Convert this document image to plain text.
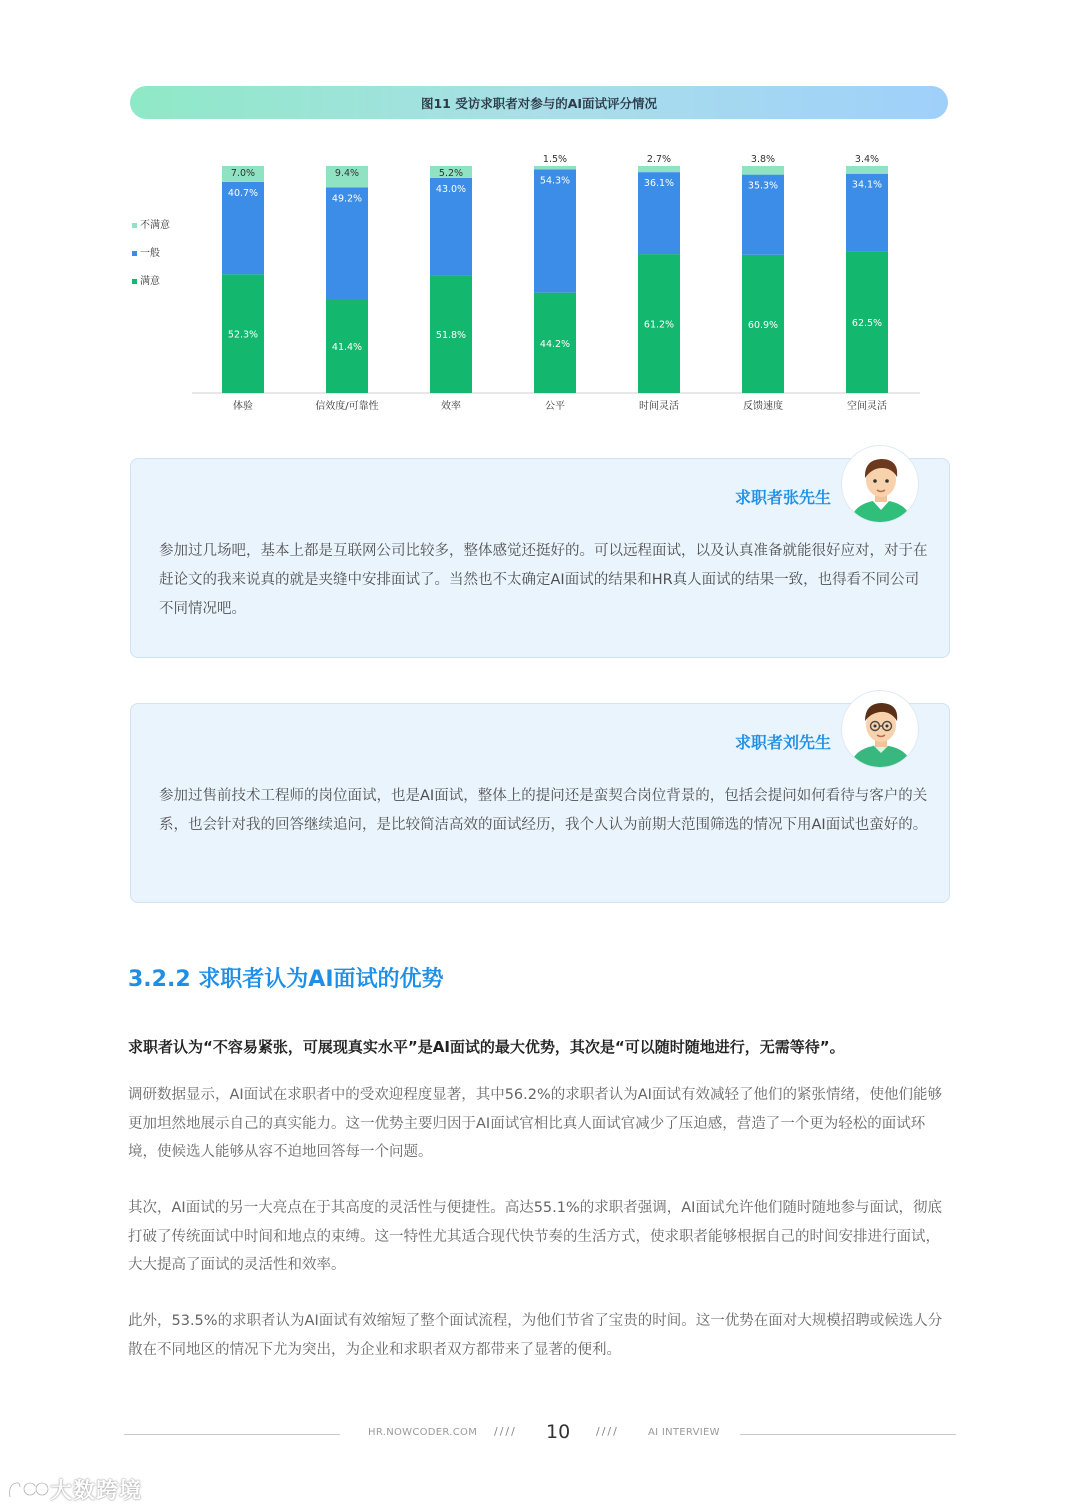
图11 受访求职者对参与的AI面试评分情况
不满意
一般
满意
52.3%
40.7%
7.0%
体验
41.4%
49.2%
9.4%
信效度/可靠性
51.8%
43.0%
5.2%
效率
44.2%
54.3%
1.5%
公平
61.2%
36.1%
2.7%
时间灵活
60.9%
35.3%
3.8%
反馈速度
62.5%
34.1%
3.4%
空间灵活
求职者张先生
参加过几场吧，基本上都是互联网公司比较多，整体感觉还挺好的。可以远程面试，以及认真准备就能很好应对，对于在赶论文的我来说真的就是夹缝中安排面试了。当然也不太确定AI面试的结果和HR真人面试的结果一致，也得看不同公司不同情况吧。
求职者刘先生
参加过售前技术工程师的岗位面试，也是AI面试，整体上的提问还是蛮契合岗位背景的，包括会提问如何看待与客户的关系，也会针对我的回答继续追问，是比较简洁高效的面试经历，我个人认为前期大范围筛选的情况下用AI面试也蛮好的。
3.2.2 求职者认为AI面试的优势
求职者认为“不容易紧张，可展现真实水平”是AI面试的最大优势，其次是“可以随时随地进行，无需等待”。
调研数据显示，AI面试在求职者中的受欢迎程度显著，其中56.2%的求职者认为AI面试有效减轻了他们的紧张情绪，使他们能够更加坦然地展示自己的真实能力。这一优势主要归因于AI面试官相比真人面试官减少了压迫感，营造了一个更为轻松的面试环境，使候选人能够从容不迫地回答每一个问题。
其次，AI面试的另一大亮点在于其高度的灵活性与便捷性。高达55.1%的求职者强调，AI面试允许他们随时随地参与面试，彻底打破了传统面试中时间和地点的束缚。这一特性尤其适合现代快节奏的生活方式，使求职者能够根据自己的时间安排进行面试，大大提高了面试的灵活性和效率。
此外，53.5%的求职者认为AI面试有效缩短了整个面试流程，为他们节省了宝贵的时间。这一优势在面对大规模招聘或候选人分散在不同地区的情况下尤为突出，为企业和求职者双方都带来了显著的便利。
HR.NOWCODER.COM //// 10 ////	AI INTERVIEW
大数跨境
